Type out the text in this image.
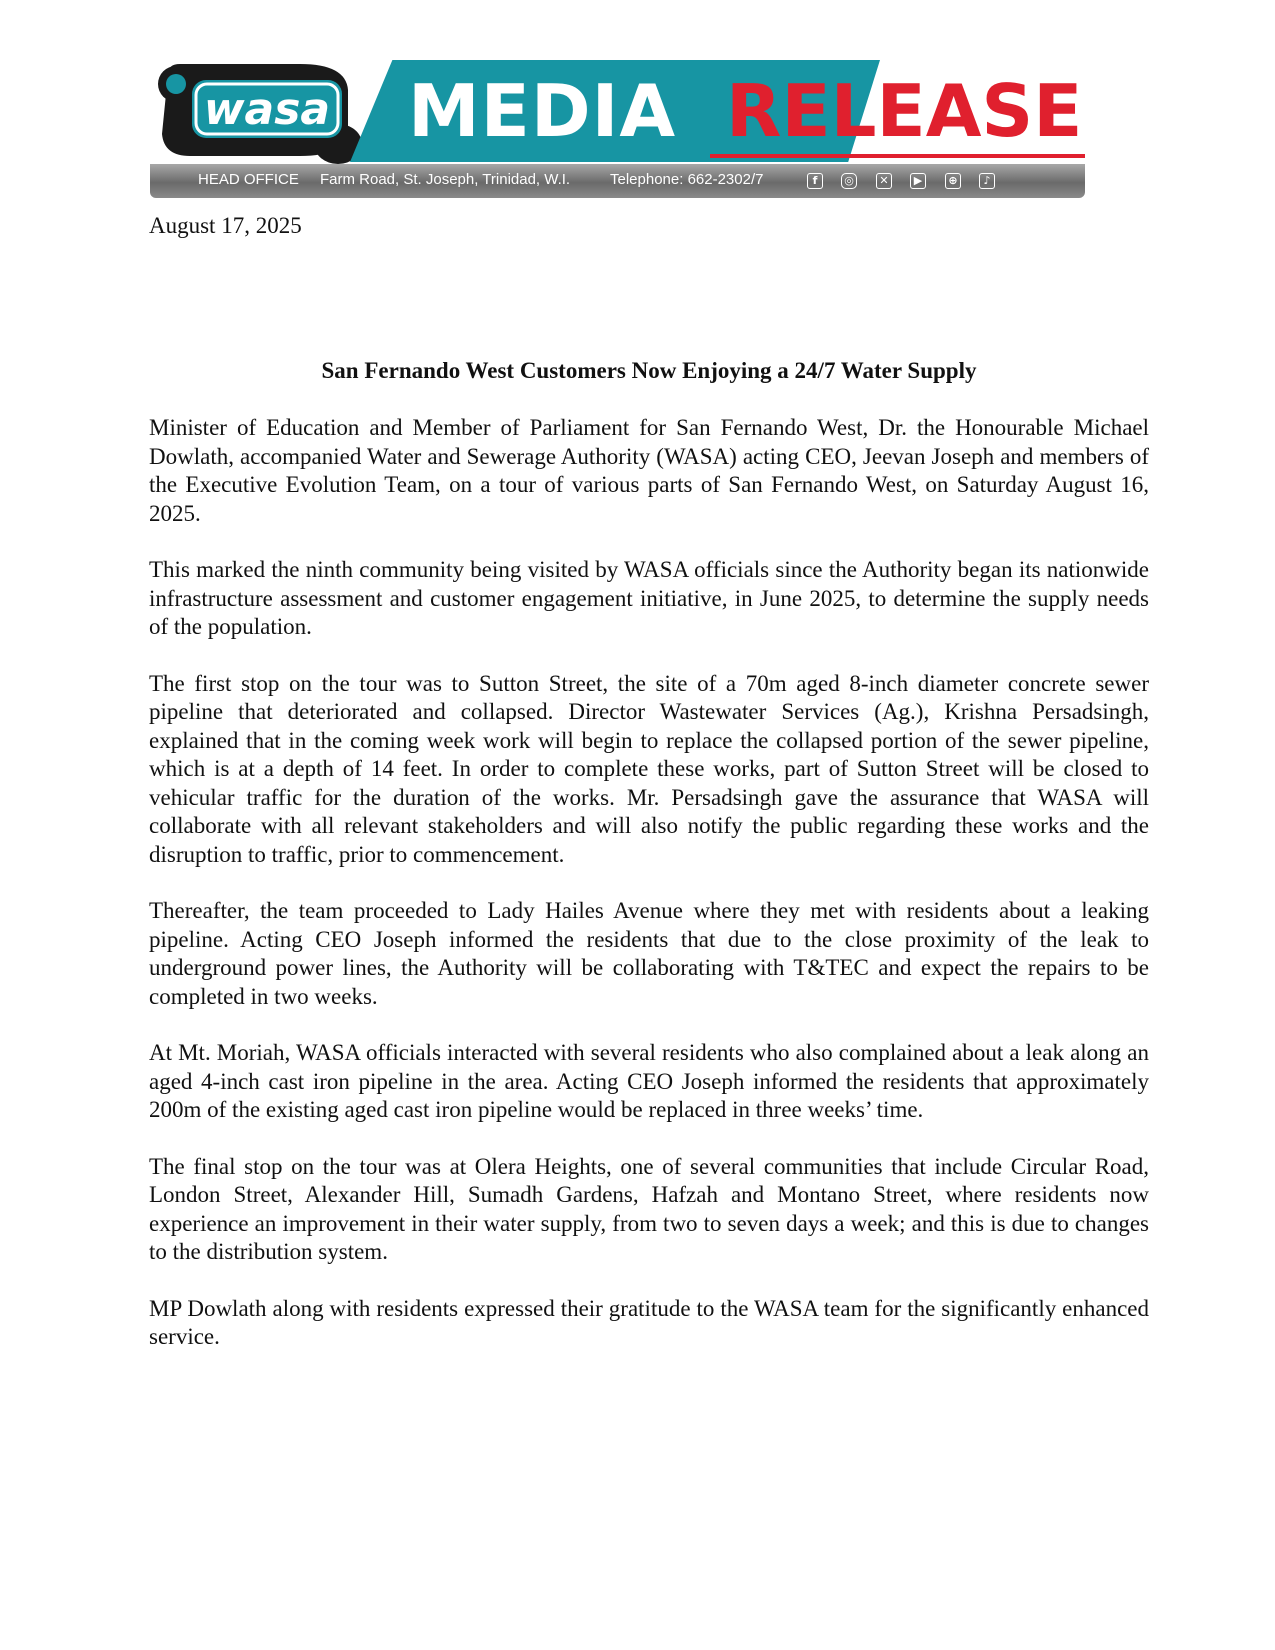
wasa MEDIA RELEASE
HEAD OFFICE Farm Road, St. Joseph, Trinidad, W.I.	Telephone: 662-2302/7	f	◎	✕	▶	⊕	♪
August 17, 2025
San Fernando West Customers Now Enjoying a 24/7 Water Supply

Minister of Education and Member of Parliament for San Fernando West, Dr. the Honourable Michael Dowlath, accompanied Water and Sewerage Authority (WASA) acting CEO, Jeevan Joseph and members of the Executive Evolution Team, on a tour of various parts of San Fernando West, on Saturday August 16, 2025.

This marked the ninth community being visited by WASA officials since the Authority began its nationwide infrastructure assessment and customer engagement initiative, in June 2025, to determine the supply needs of the population.

The first stop on the tour was to Sutton Street, the site of a 70m aged 8-inch diameter concrete sewer pipeline that deteriorated and collapsed. Director Wastewater Services (Ag.), Krishna Persadsingh, explained that in the coming week work will begin to replace the collapsed portion of the sewer pipeline, which is at a depth of 14 feet. In order to complete these works, part of Sutton Street will be closed to vehicular traffic for the duration of the works. Mr. Persadsingh gave the assurance that WASA will collaborate with all relevant stakeholders and will also notify the public regarding these works and the disruption to traffic, prior to commencement.

Thereafter, the team proceeded to Lady Hailes Avenue where they met with residents about a leaking pipeline. Acting CEO Joseph informed the residents that due to the close proximity of the leak to underground power lines, the Authority will be collaborating with T&TEC and expect the repairs to be completed in two weeks.

At Mt. Moriah, WASA officials interacted with several residents who also complained about a leak along an aged 4-inch cast iron pipeline in the area. Acting CEO Joseph informed the residents that approximately 200m of the existing aged cast iron pipeline would be replaced in three weeks’ time.

The final stop on the tour was at Olera Heights, one of several communities that include Circular Road, London Street, Alexander Hill, Sumadh Gardens, Hafzah and Montano Street, where residents now experience an improvement in their water supply, from two to seven days a week; and this is due to changes to the distribution system.

MP Dowlath along with residents expressed their gratitude to the WASA team for the significantly enhanced service.
